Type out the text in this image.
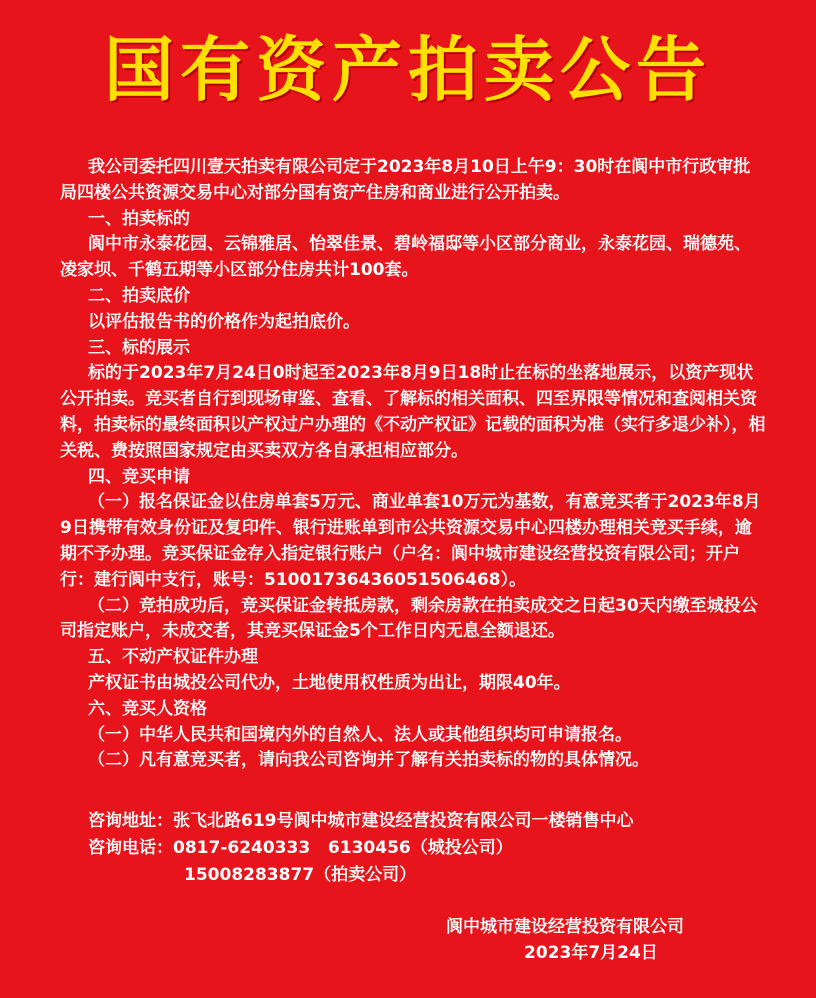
国有资产拍卖公告

我公司委托四川壹天拍卖有限公司定于2023年8月10日上午9：30时在阆中市行政审批局四楼公共资源交易中心对部分国有资产住房和商业进行公开拍卖。

一、拍卖标的

阆中市永泰花园、云锦雅居、怡翠佳景、碧岭福邸等小区部分商业，永泰花园、瑞德苑、凌家坝、千鹤五期等小区部分住房共计100套。

二、拍卖底价

以评估报告书的价格作为起拍底价。

三、标的展示

标的于2023年7月24日0时起至2023年8月9日18时止在标的坐落地展示，以资产现状公开拍卖。竞买者自行到现场审鉴、查看、了解标的相关面积、四至界限等情况和查阅相关资料，拍卖标的最终面积以产权过户办理的《不动产权证》记载的面积为准（实行多退少补），相关税、费按照国家规定由买卖双方各自承担相应部分。

四、竞买申请

（一）报名保证金以住房单套5万元、商业单套10万元为基数，有意竞买者于2023年8月9日携带有效身份证及复印件、银行进账单到市公共资源交易中心四楼办理相关竞买手续，逾期不予办理。竞买保证金存入指定银行账户（户名：阆中城市建设经营投资有限公司；开户行：建行阆中支行，账号：51001736436051506468）。

（二）竞拍成功后，竞买保证金转抵房款，剩余房款在拍卖成交之日起30天内缴至城投公司指定账户，未成交者，其竞买保证金5个工作日内无息全额退还。

五、不动产权证件办理

产权证书由城投公司代办，土地使用权性质为出让，期限40年。

六、竞买人资格

（一）中华人民共和国境内外的自然人、法人或其他组织均可申请报名。

（二）凡有意竞买者，请向我公司咨询并了解有关拍卖标的物的具体情况。

咨询地址：张飞北路619号阆中城市建设经营投资有限公司一楼销售中心
咨询电话：0817-6240333   6130456（城投公司）
15008283877（拍卖公司）
阆中城市建设经营投资有限公司
2023年7月24日
